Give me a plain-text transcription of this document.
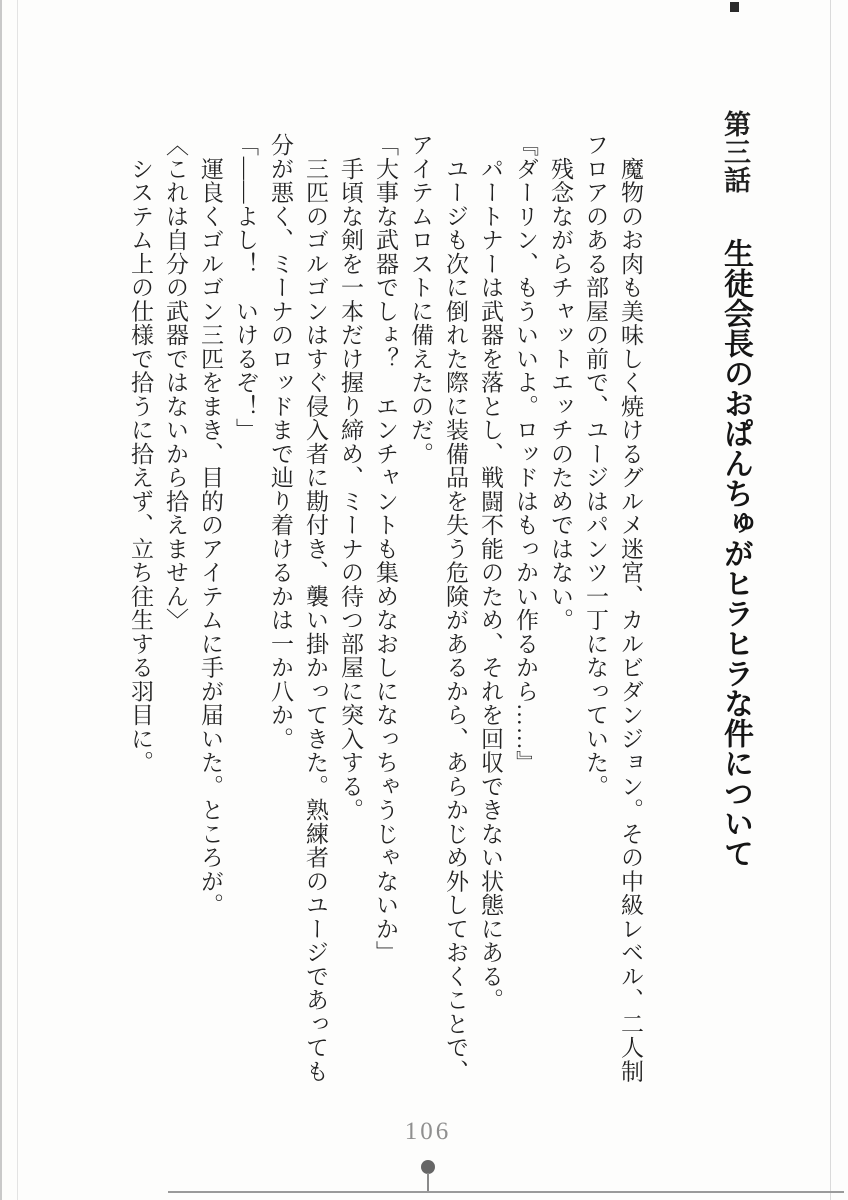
第三話生徒会長のおぱんちゅがヒラヒラな件について

　魔物のお肉も美味しく焼けるグルメ迷宮、カルビダンジョン。その中級レベル、二人制フロアのある部屋の前で、ユージはパンツ一丁になっていた。

　残念ながらチャットエッチのためではない。

『ダーリン、もういいよ。ロッドはもっかい作るから……』

　パートナーは武器を落とし、戦闘不能のため、それを回収できない状態にある。

　ユージも次に倒れた際に装備品を失う危険があるから、あらかじめ外しておくことで、アイテムロストに備えたのだ。

「大事な武器でしょ？　エンチャントも集めなおしになっちゃうじゃないか」

　手頃な剣を一本だけ握り締め、ミーナの待つ部屋に突入する。

　三匹のゴルゴンはすぐ侵入者に勘付き、襲い掛かってきた。熟練者のユージであっても分が悪く、ミーナのロッドまで辿り着けるかは一か八か。

「――よし！　いけるぞ！」

　運良くゴルゴン三匹をまき、目的のアイテムに手が届いた。ところが。

〈これは自分の武器ではないから拾えません〉

　システム上の仕様で拾うに拾えず、立ち往生する羽目に。

106
